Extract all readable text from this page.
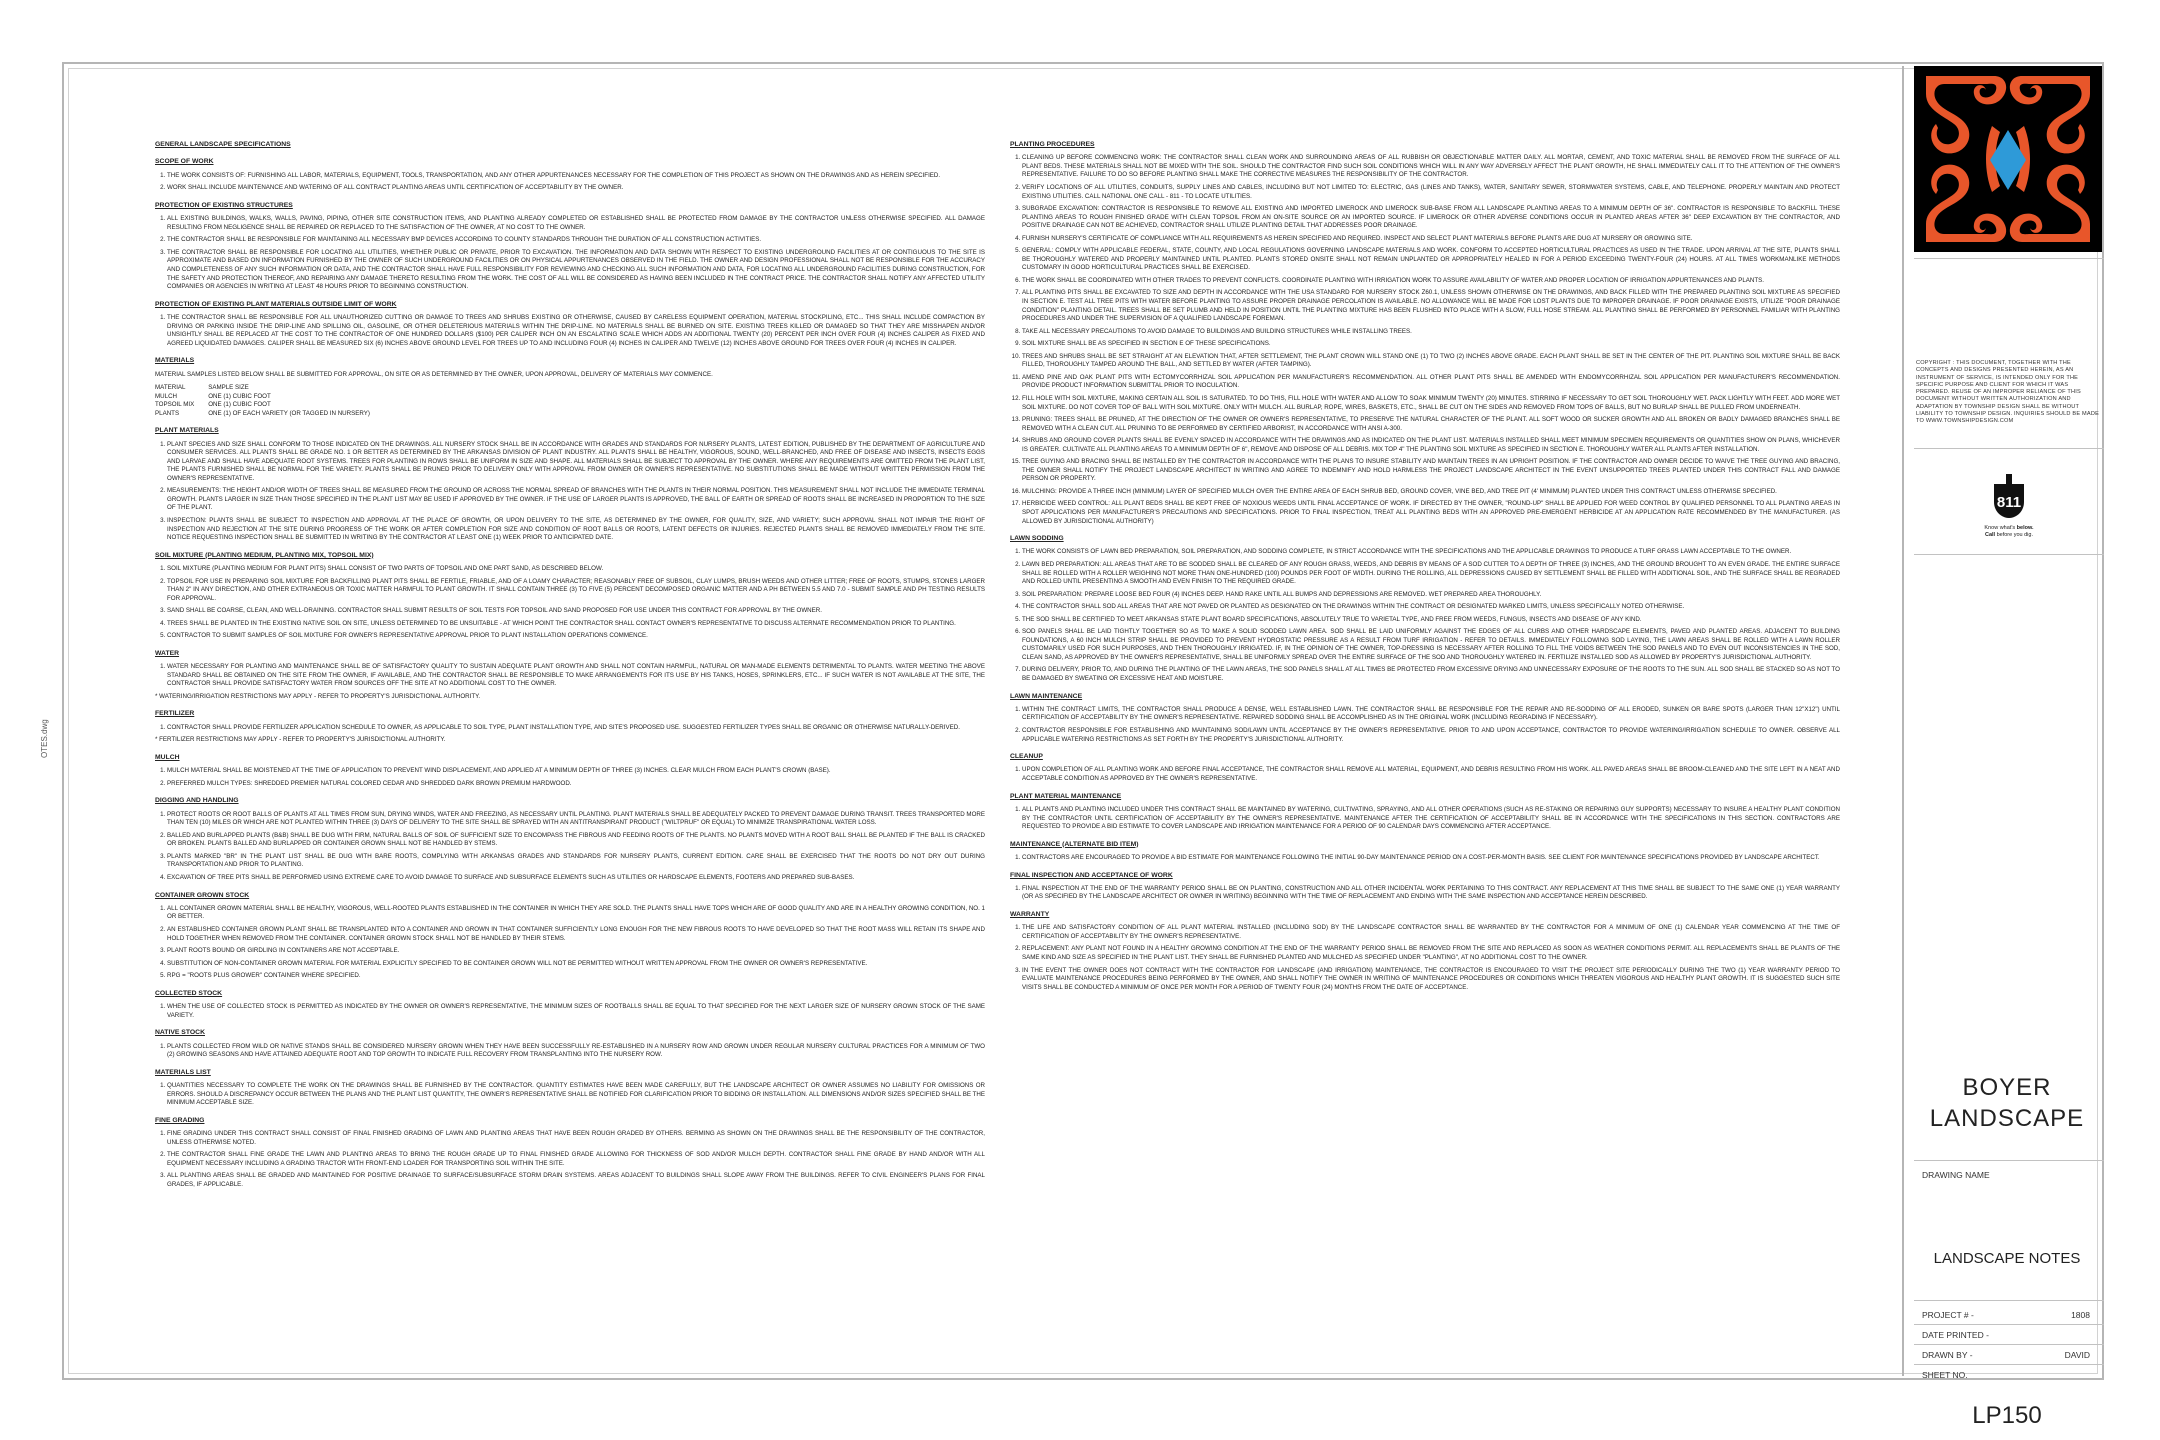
OTES.dwg
GENERAL LANDSCAPE SPECIFICATIONS
SCOPE OF WORK
1. THE WORK CONSISTS OF: FURNISHING ALL LABOR, MATERIALS, EQUIPMENT, TOOLS, TRANSPORTATION, AND ANY OTHER APPURTENANCES NECESSARY FOR THE COMPLETION OF THIS PROJECT AS SHOWN ON THE DRAWINGS AND AS HEREIN SPECIFIED.
2. WORK SHALL INCLUDE MAINTENANCE AND WATERING OF ALL CONTRACT PLANTING AREAS UNTIL CERTIFICATION OF ACCEPTABILITY BY THE OWNER.
PROTECTION OF EXISTING STRUCTURES
1. ALL EXISTING BUILDINGS, WALKS, WALLS, PAVING, PIPING, OTHER SITE CONSTRUCTION ITEMS, AND PLANTING ALREADY COMPLETED OR ESTABLISHED SHALL BE PROTECTED FROM DAMAGE BY THE CONTRACTOR UNLESS OTHERWISE SPECIFIED. ALL DAMAGE RESULTING FROM NEGLIGENCE SHALL BE REPAIRED OR REPLACED TO THE SATISFACTION OF THE OWNER, AT NO COST TO THE OWNER.
2. THE CONTRACTOR SHALL BE RESPONSIBLE FOR MAINTAINING ALL NECESSARY BMP DEVICES ACCORDING TO COUNTY STANDARDS THROUGH THE DURATION OF ALL CONSTRUCTION ACTIVITIES.
3. THE CONTRACTOR SHALL BE RESPONSIBLE FOR LOCATING ALL UTILITIES, WHETHER PUBLIC OR PRIVATE, PRIOR TO EXCAVATION. THE INFORMATION AND DATA SHOWN WITH RESPECT TO EXISTING UNDERGROUND FACILITIES AT OR CONTIGUOUS TO THE SITE IS APPROXIMATE AND BASED ON INFORMATION FURNISHED BY THE OWNER OF SUCH UNDERGROUND FACILITIES OR ON PHYSICAL APPURTENANCES OBSERVED IN THE FIELD. THE OWNER AND DESIGN PROFESSIONAL SHALL NOT BE RESPONSIBLE FOR THE ACCURACY AND COMPLETENESS OF ANY SUCH INFORMATION OR DATA, AND THE CONTRACTOR SHALL HAVE FULL RESPONSIBILITY FOR REVIEWING AND CHECKING ALL SUCH INFORMATION AND DATA, FOR LOCATING ALL UNDERGROUND FACILITIES DURING CONSTRUCTION, FOR THE SAFETY AND PROTECTION THEREOF, AND REPAIRING ANY DAMAGE THERETO RESULTING FROM THE WORK. THE COST OF ALL WILL BE CONSIDERED AS HAVING BEEN INCLUDED IN THE CONTRACT PRICE. THE CONTRACTOR SHALL NOTIFY ANY AFFECTED UTILITY COMPANIES OR AGENCIES IN WRITING AT LEAST 48 HOURS PRIOR TO BEGINNING CONSTRUCTION.
PROTECTION OF EXISTING PLANT MATERIALS OUTSIDE LIMIT OF WORK
1. THE CONTRACTOR SHALL BE RESPONSIBLE FOR ALL UNAUTHORIZED CUTTING OR DAMAGE TO TREES AND SHRUBS EXISTING OR OTHERWISE, CAUSED BY CARELESS EQUIPMENT OPERATION, MATERIAL STOCKPILING, ETC... THIS SHALL INCLUDE COMPACTION BY DRIVING OR PARKING INSIDE THE DRIP-LINE AND SPILLING OIL, GASOLINE, OR OTHER DELETERIOUS MATERIALS WITHIN THE DRIP-LINE. NO MATERIALS SHALL BE BURNED ON SITE. EXISTING TREES KILLED OR DAMAGED SO THAT THEY ARE MISSHAPEN AND/OR UNSIGHTLY SHALL BE REPLACED AT THE COST TO THE CONTRACTOR OF ONE HUNDRED DOLLARS ($100) PER CALIPER INCH ON AN ESCALATING SCALE WHICH ADDS AN ADDITIONAL TWENTY (20) PERCENT PER INCH OVER FOUR (4) INCHES CALIPER AS FIXED AND AGREED LIQUIDATED DAMAGES. CALIPER SHALL BE MEASURED SIX (6) INCHES ABOVE GROUND LEVEL FOR TREES UP TO AND INCLUDING FOUR (4) INCHES IN CALIPER AND TWELVE (12) INCHES ABOVE GROUND FOR TREES OVER FOUR (4) INCHES IN CALIPER.
MATERIALS

MATERIAL SAMPLES LISTED BELOW SHALL BE SUBMITTED FOR APPROVAL, ON SITE OR AS DETERMINED BY THE OWNER, UPON APPROVAL, DELIVERY OF MATERIALS MAY COMMENCE.

MATERIAL	SAMPLE SIZE
MULCH	ONE (1) CUBIC FOOT
TOPSOIL MIX	ONE (1) CUBIC FOOT
PLANTS	ONE (1) OF EACH VARIETY (OR TAGGED IN NURSERY)
PLANT MATERIALS
1. PLANT SPECIES AND SIZE SHALL CONFORM TO THOSE INDICATED ON THE DRAWINGS. ALL NURSERY STOCK SHALL BE IN ACCORDANCE WITH GRADES AND STANDARDS FOR NURSERY PLANTS, LATEST EDITION, PUBLISHED BY THE DEPARTMENT OF AGRICULTURE AND CONSUMER SERVICES. ALL PLANTS SHALL BE GRADE NO. 1 OR BETTER AS DETERMINED BY THE ARKANSAS DIVISION OF PLANT INDUSTRY. ALL PLANTS SHALL BE HEALTHY, VIGOROUS, SOUND, WELL-BRANCHED, AND FREE OF DISEASE AND INSECTS, INSECTS EGGS AND LARVAE AND SHALL HAVE ADEQUATE ROOT SYSTEMS. TREES FOR PLANTING IN ROWS SHALL BE UNIFORM IN SIZE AND SHAPE. ALL MATERIALS SHALL BE SUBJECT TO APPROVAL BY THE OWNER. WHERE ANY REQUIREMENTS ARE OMITTED FROM THE PLANT LIST, THE PLANTS FURNISHED SHALL BE NORMAL FOR THE VARIETY. PLANTS SHALL BE PRUNED PRIOR TO DELIVERY ONLY WITH APPROVAL FROM OWNER OR OWNER'S REPRESENTATIVE. NO SUBSTITUTIONS SHALL BE MADE WITHOUT WRITTEN PERMISSION FROM THE OWNER'S REPRESENTATIVE.
2. MEASUREMENTS: THE HEIGHT AND/OR WIDTH OF TREES SHALL BE MEASURED FROM THE GROUND OR ACROSS THE NORMAL SPREAD OF BRANCHES WITH THE PLANTS IN THEIR NORMAL POSITION. THIS MEASUREMENT SHALL NOT INCLUDE THE IMMEDIATE TERMINAL GROWTH. PLANTS LARGER IN SIZE THAN THOSE SPECIFIED IN THE PLANT LIST MAY BE USED IF APPROVED BY THE OWNER. IF THE USE OF LARGER PLANTS IS APPROVED, THE BALL OF EARTH OR SPREAD OF ROOTS SHALL BE INCREASED IN PROPORTION TO THE SIZE OF THE PLANT.
3. INSPECTION: PLANTS SHALL BE SUBJECT TO INSPECTION AND APPROVAL AT THE PLACE OF GROWTH, OR UPON DELIVERY TO THE SITE, AS DETERMINED BY THE OWNER, FOR QUALITY, SIZE, AND VARIETY; SUCH APPROVAL SHALL NOT IMPAIR THE RIGHT OF INSPECTION AND REJECTION AT THE SITE DURING PROGRESS OF THE WORK OR AFTER COMPLETION FOR SIZE AND CONDITION OF ROOT BALLS OR ROOTS, LATENT DEFECTS OR INJURIES. REJECTED PLANTS SHALL BE REMOVED IMMEDIATELY FROM THE SITE. NOTICE REQUESTING INSPECTION SHALL BE SUBMITTED IN WRITING BY THE CONTRACTOR AT LEAST ONE (1) WEEK PRIOR TO ANTICIPATED DATE.
SOIL MIXTURE (PLANTING MEDIUM, PLANTING MIX, TOPSOIL MIX)
1. SOIL MIXTURE (PLANTING MEDIUM FOR PLANT PITS) SHALL CONSIST OF TWO PARTS OF TOPSOIL AND ONE PART SAND, AS DESCRIBED BELOW.
2. TOPSOIL FOR USE IN PREPARING SOIL MIXTURE FOR BACKFILLING PLANT PITS SHALL BE FERTILE, FRIABLE, AND OF A LOAMY CHARACTER; REASONABLY FREE OF SUBSOIL, CLAY LUMPS, BRUSH WEEDS AND OTHER LITTER; FREE OF ROOTS, STUMPS, STONES LARGER THAN 2" IN ANY DIRECTION, AND OTHER EXTRANEOUS OR TOXIC MATTER HARMFUL TO PLANT GROWTH. IT SHALL CONTAIN THREE (3) TO FIVE (5) PERCENT DECOMPOSED ORGANIC MATTER AND A PH BETWEEN 5.5 AND 7.0 - SUBMIT SAMPLE AND PH TESTING RESULTS FOR APPROVAL.
3. SAND SHALL BE COARSE, CLEAN, AND WELL-DRAINING. CONTRACTOR SHALL SUBMIT RESULTS OF SOIL TESTS FOR TOPSOIL AND SAND PROPOSED FOR USE UNDER THIS CONTRACT FOR APPROVAL BY THE OWNER.
4. TREES SHALL BE PLANTED IN THE EXISTING NATIVE SOIL ON SITE, UNLESS DETERMINED TO BE UNSUITABLE - AT WHICH POINT THE CONTRACTOR SHALL CONTACT OWNER'S REPRESENTATIVE TO DISCUSS ALTERNATE RECOMMENDATION PRIOR TO PLANTING.
5. CONTRACTOR TO SUBMIT SAMPLES OF SOIL MIXTURE FOR OWNER'S REPRESENTATIVE APPROVAL PRIOR TO PLANT INSTALLATION OPERATIONS COMMENCE.
WATER
1. WATER NECESSARY FOR PLANTING AND MAINTENANCE SHALL BE OF SATISFACTORY QUALITY TO SUSTAIN ADEQUATE PLANT GROWTH AND SHALL NOT CONTAIN HARMFUL, NATURAL OR MAN-MADE ELEMENTS DETRIMENTAL TO PLANTS. WATER MEETING THE ABOVE STANDARD SHALL BE OBTAINED ON THE SITE FROM THE OWNER, IF AVAILABLE, AND THE CONTRACTOR SHALL BE RESPONSIBLE TO MAKE ARRANGEMENTS FOR ITS USE BY HIS TANKS, HOSES, SPRINKLERS, ETC... IF SUCH WATER IS NOT AVAILABLE AT THE SITE, THE CONTRACTOR SHALL PROVIDE SATISFACTORY WATER FROM SOURCES OFF THE SITE AT NO ADDITIONAL COST TO THE OWNER.

* WATERING/IRRIGATION RESTRICTIONS MAY APPLY - REFER TO PROPERTY'S JURISDICTIONAL AUTHORITY.

FERTILIZER
1. CONTRACTOR SHALL PROVIDE FERTILIZER APPLICATION SCHEDULE TO OWNER, AS APPLICABLE TO SOIL TYPE, PLANT INSTALLATION TYPE, AND SITE'S PROPOSED USE. SUGGESTED FERTILIZER TYPES SHALL BE ORGANIC OR OTHERWISE NATURALLY-DERIVED.

* FERTILIZER RESTRICTIONS MAY APPLY - REFER TO PROPERTY'S JURISDICTIONAL AUTHORITY.

MULCH
1. MULCH MATERIAL SHALL BE MOISTENED AT THE TIME OF APPLICATION TO PREVENT WIND DISPLACEMENT, AND APPLIED AT A MINIMUM DEPTH OF THREE (3) INCHES. CLEAR MULCH FROM EACH PLANT'S CROWN (BASE).
2. PREFERRED MULCH TYPES: SHREDDED PREMIER NATURAL COLORED CEDAR AND SHREDDED DARK BROWN PREMIUM HARDWOOD.
DIGGING AND HANDLING
1. PROTECT ROOTS OR ROOT BALLS OF PLANTS AT ALL TIMES FROM SUN, DRYING WINDS, WATER AND FREEZING, AS NECESSARY UNTIL PLANTING. PLANT MATERIALS SHALL BE ADEQUATELY PACKED TO PREVENT DAMAGE DURING TRANSIT. TREES TRANSPORTED MORE THAN TEN (10) MILES OR WHICH ARE NOT PLANTED WITHIN THREE (3) DAYS OF DELIVERY TO THE SITE SHALL BE SPRAYED WITH AN ANTITRANSPIRANT PRODUCT ("WILTPRUF" OR EQUAL) TO MINIMIZE TRANSPIRATIONAL WATER LOSS.
2. BALLED AND BURLAPPED PLANTS (B&B) SHALL BE DUG WITH FIRM, NATURAL BALLS OF SOIL OF SUFFICIENT SIZE TO ENCOMPASS THE FIBROUS AND FEEDING ROOTS OF THE PLANTS. NO PLANTS MOVED WITH A ROOT BALL SHALL BE PLANTED IF THE BALL IS CRACKED OR BROKEN. PLANTS BALLED AND BURLAPPED OR CONTAINER GROWN SHALL NOT BE HANDLED BY STEMS.
3. PLANTS MARKED "BR" IN THE PLANT LIST SHALL BE DUG WITH BARE ROOTS, COMPLYING WITH ARKANSAS GRADES AND STANDARDS FOR NURSERY PLANTS, CURRENT EDITION. CARE SHALL BE EXERCISED THAT THE ROOTS DO NOT DRY OUT DURING TRANSPORTATION AND PRIOR TO PLANTING.
4. EXCAVATION OF TREE PITS SHALL BE PERFORMED USING EXTREME CARE TO AVOID DAMAGE TO SURFACE AND SUBSURFACE ELEMENTS SUCH AS UTILITIES OR HARDSCAPE ELEMENTS, FOOTERS AND PREPARED SUB-BASES.
CONTAINER GROWN STOCK
1. ALL CONTAINER GROWN MATERIAL SHALL BE HEALTHY, VIGOROUS, WELL-ROOTED PLANTS ESTABLISHED IN THE CONTAINER IN WHICH THEY ARE SOLD. THE PLANTS SHALL HAVE TOPS WHICH ARE OF GOOD QUALITY AND ARE IN A HEALTHY GROWING CONDITION, NO. 1 OR BETTER.
2. AN ESTABLISHED CONTAINER GROWN PLANT SHALL BE TRANSPLANTED INTO A CONTAINER AND GROWN IN THAT CONTAINER SUFFICIENTLY LONG ENOUGH FOR THE NEW FIBROUS ROOTS TO HAVE DEVELOPED SO THAT THE ROOT MASS WILL RETAIN ITS SHAPE AND HOLD TOGETHER WHEN REMOVED FROM THE CONTAINER. CONTAINER GROWN STOCK SHALL NOT BE HANDLED BY THEIR STEMS.
3. PLANT ROOTS BOUND OR GIRDLING IN CONTAINERS ARE NOT ACCEPTABLE.
4. SUBSTITUTION OF NON-CONTAINER GROWN MATERIAL FOR MATERIAL EXPLICITLY SPECIFIED TO BE CONTAINER GROWN WILL NOT BE PERMITTED WITHOUT WRITTEN APPROVAL FROM THE OWNER OR OWNER'S REPRESENTATIVE.
5. RPG = "ROOTS PLUS GROWER" CONTAINER WHERE SPECIFIED.
COLLECTED STOCK
1. WHEN THE USE OF COLLECTED STOCK IS PERMITTED AS INDICATED BY THE OWNER OR OWNER'S REPRESENTATIVE, THE MINIMUM SIZES OF ROOTBALLS SHALL BE EQUAL TO THAT SPECIFIED FOR THE NEXT LARGER SIZE OF NURSERY GROWN STOCK OF THE SAME VARIETY.
NATIVE STOCK
1. PLANTS COLLECTED FROM WILD OR NATIVE STANDS SHALL BE CONSIDERED NURSERY GROWN WHEN THEY HAVE BEEN SUCCESSFULLY RE-ESTABLISHED IN A NURSERY ROW AND GROWN UNDER REGULAR NURSERY CULTURAL PRACTICES FOR A MINIMUM OF TWO (2) GROWING SEASONS AND HAVE ATTAINED ADEQUATE ROOT AND TOP GROWTH TO INDICATE FULL RECOVERY FROM TRANSPLANTING INTO THE NURSERY ROW.
MATERIALS LIST
1. QUANTITIES NECESSARY TO COMPLETE THE WORK ON THE DRAWINGS SHALL BE FURNISHED BY THE CONTRACTOR. QUANTITY ESTIMATES HAVE BEEN MADE CAREFULLY, BUT THE LANDSCAPE ARCHITECT OR OWNER ASSUMES NO LIABILITY FOR OMISSIONS OR ERRORS. SHOULD A DISCREPANCY OCCUR BETWEEN THE PLANS AND THE PLANT LIST QUANTITY, THE OWNER'S REPRESENTATIVE SHALL BE NOTIFIED FOR CLARIFICATION PRIOR TO BIDDING OR INSTALLATION. ALL DIMENSIONS AND/OR SIZES SPECIFIED SHALL BE THE MINIMUM ACCEPTABLE SIZE.
FINE GRADING
1. FINE GRADING UNDER THIS CONTRACT SHALL CONSIST OF FINAL FINISHED GRADING OF LAWN AND PLANTING AREAS THAT HAVE BEEN ROUGH GRADED BY OTHERS. BERMING AS SHOWN ON THE DRAWINGS SHALL BE THE RESPONSIBILITY OF THE CONTRACTOR, UNLESS OTHERWISE NOTED.
2. THE CONTRACTOR SHALL FINE GRADE THE LAWN AND PLANTING AREAS TO BRING THE ROUGH GRADE UP TO FINAL FINISHED GRADE ALLOWING FOR THICKNESS OF SOD AND/OR MULCH DEPTH. CONTRACTOR SHALL FINE GRADE BY HAND AND/OR WITH ALL EQUIPMENT NECESSARY INCLUDING A GRADING TRACTOR WITH FRONT-END LOADER FOR TRANSPORTING SOIL WITHIN THE SITE.
3. ALL PLANTING AREAS SHALL BE GRADED AND MAINTAINED FOR POSITIVE DRAINAGE TO SURFACE/SUBSURFACE STORM DRAIN SYSTEMS. AREAS ADJACENT TO BUILDINGS SHALL SLOPE AWAY FROM THE BUILDINGS. REFER TO CIVIL ENGINEER'S PLANS FOR FINAL GRADES, IF APPLICABLE.
PLANTING PROCEDURES
1. CLEANING UP BEFORE COMMENCING WORK: THE CONTRACTOR SHALL CLEAN WORK AND SURROUNDING AREAS OF ALL RUBBISH OR OBJECTIONABLE MATTER DAILY. ALL MORTAR, CEMENT, AND TOXIC MATERIAL SHALL BE REMOVED FROM THE SURFACE OF ALL PLANT BEDS. THESE MATERIALS SHALL NOT BE MIXED WITH THE SOIL. SHOULD THE CONTRACTOR FIND SUCH SOIL CONDITIONS WHICH WILL IN ANY WAY ADVERSELY AFFECT THE PLANT GROWTH, HE SHALL IMMEDIATELY CALL IT TO THE ATTENTION OF THE OWNER'S REPRESENTATIVE. FAILURE TO DO SO BEFORE PLANTING SHALL MAKE THE CORRECTIVE MEASURES THE RESPONSIBILITY OF THE CONTRACTOR.
2. VERIFY LOCATIONS OF ALL UTILITIES, CONDUITS, SUPPLY LINES AND CABLES, INCLUDING BUT NOT LIMITED TO: ELECTRIC, GAS (LINES AND TANKS), WATER, SANITARY SEWER, STORMWATER SYSTEMS, CABLE, AND TELEPHONE. PROPERLY MAINTAIN AND PROTECT EXISTING UTILITIES. CALL NATIONAL ONE CALL - 811 - TO LOCATE UTILITIES.
3. SUBGRADE EXCAVATION: CONTRACTOR IS RESPONSIBLE TO REMOVE ALL EXISTING AND IMPORTED LIMEROCK AND LIMEROCK SUB-BASE FROM ALL LANDSCAPE PLANTING AREAS TO A MINIMUM DEPTH OF 36". CONTRACTOR IS RESPONSIBLE TO BACKFILL THESE PLANTING AREAS TO ROUGH FINISHED GRADE WITH CLEAN TOPSOIL FROM AN ON-SITE SOURCE OR AN IMPORTED SOURCE. IF LIMEROCK OR OTHER ADVERSE CONDITIONS OCCUR IN PLANTED AREAS AFTER 36" DEEP EXCAVATION BY THE CONTRACTOR, AND POSITIVE DRAINAGE CAN NOT BE ACHIEVED, CONTRACTOR SHALL UTILIZE PLANTING DETAIL THAT ADDRESSES POOR DRAINAGE.
4. FURNISH NURSERY'S CERTIFICATE OF COMPLIANCE WITH ALL REQUIREMENTS AS HEREIN SPECIFIED AND REQUIRED. INSPECT AND SELECT PLANT MATERIALS BEFORE PLANTS ARE DUG AT NURSERY OR GROWING SITE.
5. GENERAL: COMPLY WITH APPLICABLE FEDERAL, STATE, COUNTY, AND LOCAL REGULATIONS GOVERNING LANDSCAPE MATERIALS AND WORK. CONFORM TO ACCEPTED HORTICULTURAL PRACTICES AS USED IN THE TRADE. UPON ARRIVAL AT THE SITE, PLANTS SHALL BE THOROUGHLY WATERED AND PROPERLY MAINTAINED UNTIL PLANTED. PLANTS STORED ONSITE SHALL NOT REMAIN UNPLANTED OR APPROPRIATELY HEALED IN FOR A PERIOD EXCEEDING TWENTY-FOUR (24) HOURS. AT ALL TIMES WORKMANLIKE METHODS CUSTOMARY IN GOOD HORTICULTURAL PRACTICES SHALL BE EXERCISED.
6. THE WORK SHALL BE COORDINATED WITH OTHER TRADES TO PREVENT CONFLICTS. COORDINATE PLANTING WITH IRRIGATION WORK TO ASSURE AVAILABILITY OF WATER AND PROPER LOCATION OF IRRIGATION APPURTENANCES AND PLANTS.
7. ALL PLANTING PITS SHALL BE EXCAVATED TO SIZE AND DEPTH IN ACCORDANCE WITH THE USA STANDARD FOR NURSERY STOCK Z60.1, UNLESS SHOWN OTHERWISE ON THE DRAWINGS, AND BACK FILLED WITH THE PREPARED PLANTING SOIL MIXTURE AS SPECIFIED IN SECTION E. TEST ALL TREE PITS WITH WATER BEFORE PLANTING TO ASSURE PROPER DRAINAGE PERCOLATION IS AVAILABLE. NO ALLOWANCE WILL BE MADE FOR LOST PLANTS DUE TO IMPROPER DRAINAGE. IF POOR DRAINAGE EXISTS, UTILIZE "POOR DRAINAGE CONDITION" PLANTING DETAIL. TREES SHALL BE SET PLUMB AND HELD IN POSITION UNTIL THE PLANTING MIXTURE HAS BEEN FLUSHED INTO PLACE WITH A SLOW, FULL HOSE STREAM. ALL PLANTING SHALL BE PERFORMED BY PERSONNEL FAMILIAR WITH PLANTING PROCEDURES AND UNDER THE SUPERVISION OF A QUALIFIED LANDSCAPE FOREMAN.
8. TAKE ALL NECESSARY PRECAUTIONS TO AVOID DAMAGE TO BUILDINGS AND BUILDING STRUCTURES WHILE INSTALLING TREES.
9. SOIL MIXTURE SHALL BE AS SPECIFIED IN SECTION E OF THESE SPECIFICATIONS.
10. TREES AND SHRUBS SHALL BE SET STRAIGHT AT AN ELEVATION THAT, AFTER SETTLEMENT, THE PLANT CROWN WILL STAND ONE (1) TO TWO (2) INCHES ABOVE GRADE. EACH PLANT SHALL BE SET IN THE CENTER OF THE PIT. PLANTING SOIL MIXTURE SHALL BE BACK FILLED, THOROUGHLY TAMPED AROUND THE BALL, AND SETTLED BY WATER (AFTER TAMPING).
11. AMEND PINE AND OAK PLANT PITS WITH ECTOMYCORRHIZAL SOIL APPLICATION PER MANUFACTURER'S RECOMMENDATION. ALL OTHER PLANT PITS SHALL BE AMENDED WITH ENDOMYCORRHIZAL SOIL APPLICATION PER MANUFACTURER'S RECOMMENDATION. PROVIDE PRODUCT INFORMATION SUBMITTAL PRIOR TO INOCULATION.
12. FILL HOLE WITH SOIL MIXTURE, MAKING CERTAIN ALL SOIL IS SATURATED. TO DO THIS, FILL HOLE WITH WATER AND ALLOW TO SOAK MINIMUM TWENTY (20) MINUTES. STIRRING IF NECESSARY TO GET SOIL THOROUGHLY WET. PACK LIGHTLY WITH FEET. ADD MORE WET SOIL MIXTURE. DO NOT COVER TOP OF BALL WITH SOIL MIXTURE. ONLY WITH MULCH. ALL BURLAP, ROPE, WIRES, BASKETS, ETC., SHALL BE CUT ON THE SIDES AND REMOVED FROM TOPS OF BALLS, BUT NO BURLAP SHALL BE PULLED FROM UNDERNEATH.
13. PRUNING: TREES SHALL BE PRUNED, AT THE DIRECTION OF THE OWNER OR OWNER'S REPRESENTATIVE, TO PRESERVE THE NATURAL CHARACTER OF THE PLANT. ALL SOFT WOOD OR SUCKER GROWTH AND ALL BROKEN OR BADLY DAMAGED BRANCHES SHALL BE REMOVED WITH A CLEAN CUT. ALL PRUNING TO BE PERFORMED BY CERTIFIED ARBORIST, IN ACCORDANCE WITH ANSI A-300.
14. SHRUBS AND GROUND COVER PLANTS SHALL BE EVENLY SPACED IN ACCORDANCE WITH THE DRAWINGS AND AS INDICATED ON THE PLANT LIST. MATERIALS INSTALLED SHALL MEET MINIMUM SPECIMEN REQUIREMENTS OR QUANTITIES SHOW ON PLANS, WHICHEVER IS GREATER. CULTIVATE ALL PLANTING AREAS TO A MINIMUM DEPTH OF 6", REMOVE AND DISPOSE OF ALL DEBRIS. MIX TOP 4" THE PLANTING SOIL MIXTURE AS SPECIFIED IN SECTION E. THOROUGHLY WATER ALL PLANTS AFTER INSTALLATION.
15. TREE GUYING AND BRACING SHALL BE INSTALLED BY THE CONTRACTOR IN ACCORDANCE WITH THE PLANS TO INSURE STABILITY AND MAINTAIN TREES IN AN UPRIGHT POSITION. IF THE CONTRACTOR AND OWNER DECIDE TO WAIVE THE TREE GUYING AND BRACING, THE OWNER SHALL NOTIFY THE PROJECT LANDSCAPE ARCHITECT IN WRITING AND AGREE TO INDEMNIFY AND HOLD HARMLESS THE PROJECT LANDSCAPE ARCHITECT IN THE EVENT UNSUPPORTED TREES PLANTED UNDER THIS CONTRACT FALL AND DAMAGE PERSON OR PROPERTY.
16. MULCHING: PROVIDE A THREE INCH (MINIMUM) LAYER OF SPECIFIED MULCH OVER THE ENTIRE AREA OF EACH SHRUB BED, GROUND COVER, VINE BED, AND TREE PIT (4' MINIMUM) PLANTED UNDER THIS CONTRACT UNLESS OTHERWISE SPECIFIED.
17. HERBICIDE WEED CONTROL: ALL PLANT BEDS SHALL BE KEPT FREE OF NOXIOUS WEEDS UNTIL FINAL ACCEPTANCE OF WORK. IF DIRECTED BY THE OWNER, "ROUND-UP" SHALL BE APPLIED FOR WEED CONTROL BY QUALIFIED PERSONNEL TO ALL PLANTING AREAS IN SPOT APPLICATIONS PER MANUFACTURER'S PRECAUTIONS AND SPECIFICATIONS. PRIOR TO FINAL INSPECTION, TREAT ALL PLANTING BEDS WITH AN APPROVED PRE-EMERGENT HERBICIDE AT AN APPLICATION RATE RECOMMENDED BY THE MANUFACTURER. (AS ALLOWED BY JURISDICTIONAL AUTHORITY)
LAWN SODDING
1. THE WORK CONSISTS OF LAWN BED PREPARATION, SOIL PREPARATION, AND SODDING COMPLETE, IN STRICT ACCORDANCE WITH THE SPECIFICATIONS AND THE APPLICABLE DRAWINGS TO PRODUCE A TURF GRASS LAWN ACCEPTABLE TO THE OWNER.
2. LAWN BED PREPARATION: ALL AREAS THAT ARE TO BE SODDED SHALL BE CLEARED OF ANY ROUGH GRASS, WEEDS, AND DEBRIS BY MEANS OF A SOD CUTTER TO A DEPTH OF THREE (3) INCHES, AND THE GROUND BROUGHT TO AN EVEN GRADE. THE ENTIRE SURFACE SHALL BE ROLLED WITH A ROLLER WEIGHING NOT MORE THAN ONE-HUNDRED (100) POUNDS PER FOOT OF WIDTH. DURING THE ROLLING, ALL DEPRESSIONS CAUSED BY SETTLEMENT SHALL BE FILLED WITH ADDITIONAL SOIL, AND THE SURFACE SHALL BE REGRADED AND ROLLED UNTIL PRESENTING A SMOOTH AND EVEN FINISH TO THE REQUIRED GRADE.
3. SOIL PREPARATION: PREPARE LOOSE BED FOUR (4) INCHES DEEP. HAND RAKE UNTIL ALL BUMPS AND DEPRESSIONS ARE REMOVED. WET PREPARED AREA THOROUGHLY.
4. THE CONTRACTOR SHALL SOD ALL AREAS THAT ARE NOT PAVED OR PLANTED AS DESIGNATED ON THE DRAWINGS WITHIN THE CONTRACT OR DESIGNATED MARKED LIMITS, UNLESS SPECIFICALLY NOTED OTHERWISE.
5. THE SOD SHALL BE CERTIFIED TO MEET ARKANSAS STATE PLANT BOARD SPECIFICATIONS, ABSOLUTELY TRUE TO VARIETAL TYPE, AND FREE FROM WEEDS, FUNGUS, INSECTS AND DISEASE OF ANY KIND.
6. SOD PANELS SHALL BE LAID TIGHTLY TOGETHER SO AS TO MAKE A SOLID SODDED LAWN AREA. SOD SHALL BE LAID UNIFORMLY AGAINST THE EDGES OF ALL CURBS AND OTHER HARDSCAPE ELEMENTS, PAVED AND PLANTED AREAS. ADJACENT TO BUILDING FOUNDATIONS, A 60 INCH MULCH STRIP SHALL BE PROVIDED TO PREVENT HYDROSTATIC PRESSURE AS A RESULT FROM TURF IRRIGATION - REFER TO DETAILS. IMMEDIATELY FOLLOWING SOD LAYING, THE LAWN AREAS SHALL BE ROLLED WITH A LAWN ROLLER CUSTOMARILY USED FOR SUCH PURPOSES, AND THEN THOROUGHLY IRRIGATED. IF, IN THE OPINION OF THE OWNER, TOP-DRESSING IS NECESSARY AFTER ROLLING TO FILL THE VOIDS BETWEEN THE SOD PANELS AND TO EVEN OUT INCONSISTENCIES IN THE SOD, CLEAN SAND, AS APPROVED BY THE OWNER'S REPRESENTATIVE, SHALL BE UNIFORMLY SPREAD OVER THE ENTIRE SURFACE OF THE SOD AND THOROUGHLY WATERED IN. FERTILIZE INSTALLED SOD AS ALLOWED BY PROPERTY'S JURISDICTIONAL AUTHORITY.
7. DURING DELIVERY, PRIOR TO, AND DURING THE PLANTING OF THE LAWN AREAS, THE SOD PANELS SHALL AT ALL TIMES BE PROTECTED FROM EXCESSIVE DRYING AND UNNECESSARY EXPOSURE OF THE ROOTS TO THE SUN. ALL SOD SHALL BE STACKED SO AS NOT TO BE DAMAGED BY SWEATING OR EXCESSIVE HEAT AND MOISTURE.
LAWN MAINTENANCE
1. WITHIN THE CONTRACT LIMITS, THE CONTRACTOR SHALL PRODUCE A DENSE, WELL ESTABLISHED LAWN. THE CONTRACTOR SHALL BE RESPONSIBLE FOR THE REPAIR AND RE-SODDING OF ALL ERODED, SUNKEN OR BARE SPOTS (LARGER THAN 12"X12") UNTIL CERTIFICATION OF ACCEPTABILITY BY THE OWNER'S REPRESENTATIVE. REPAIRED SODDING SHALL BE ACCOMPLISHED AS IN THE ORIGINAL WORK (INCLUDING REGRADING IF NECESSARY).
2. CONTRACTOR RESPONSIBLE FOR ESTABLISHING AND MAINTAINING SOD/LAWN UNTIL ACCEPTANCE BY THE OWNER'S REPRESENTATIVE. PRIOR TO AND UPON ACCEPTANCE, CONTRACTOR TO PROVIDE WATERING/IRRIGATION SCHEDULE TO OWNER. OBSERVE ALL APPLICABLE WATERING RESTRICTIONS AS SET FORTH BY THE PROPERTY'S JURISDICTIONAL AUTHORITY.
CLEANUP
1. UPON COMPLETION OF ALL PLANTING WORK AND BEFORE FINAL ACCEPTANCE, THE CONTRACTOR SHALL REMOVE ALL MATERIAL, EQUIPMENT, AND DEBRIS RESULTING FROM HIS WORK. ALL PAVED AREAS SHALL BE BROOM-CLEANED AND THE SITE LEFT IN A NEAT AND ACCEPTABLE CONDITION AS APPROVED BY THE OWNER'S REPRESENTATIVE.
PLANT MATERIAL MAINTENANCE
1. ALL PLANTS AND PLANTING INCLUDED UNDER THIS CONTRACT SHALL BE MAINTAINED BY WATERING, CULTIVATING, SPRAYING, AND ALL OTHER OPERATIONS (SUCH AS RE-STAKING OR REPAIRING GUY SUPPORTS) NECESSARY TO INSURE A HEALTHY PLANT CONDITION BY THE CONTRACTOR UNTIL CERTIFICATION OF ACCEPTABILITY BY THE OWNER'S REPRESENTATIVE. MAINTENANCE AFTER THE CERTIFICATION OF ACCEPTABILITY SHALL BE IN ACCORDANCE WITH THE SPECIFICATIONS IN THIS SECTION. CONTRACTORS ARE REQUESTED TO PROVIDE A BID ESTIMATE TO COVER LANDSCAPE AND IRRIGATION MAINTENANCE FOR A PERIOD OF 90 CALENDAR DAYS COMMENCING AFTER ACCEPTANCE.
MAINTENANCE (ALTERNATE BID ITEM)
1. CONTRACTORS ARE ENCOURAGED TO PROVIDE A BID ESTIMATE FOR MAINTENANCE FOLLOWING THE INITIAL 90-DAY MAINTENANCE PERIOD ON A COST-PER-MONTH BASIS. SEE CLIENT FOR MAINTENANCE SPECIFICATIONS PROVIDED BY LANDSCAPE ARCHITECT.
FINAL INSPECTION AND ACCEPTANCE OF WORK
1. FINAL INSPECTION AT THE END OF THE WARRANTY PERIOD SHALL BE ON PLANTING, CONSTRUCTION AND ALL OTHER INCIDENTAL WORK PERTAINING TO THIS CONTRACT. ANY REPLACEMENT AT THIS TIME SHALL BE SUBJECT TO THE SAME ONE (1) YEAR WARRANTY (OR AS SPECIFIED BY THE LANDSCAPE ARCHITECT OR OWNER IN WRITING) BEGINNING WITH THE TIME OF REPLACEMENT AND ENDING WITH THE SAME INSPECTION AND ACCEPTANCE HEREIN DESCRIBED.
WARRANTY
1. THE LIFE AND SATISFACTORY CONDITION OF ALL PLANT MATERIAL INSTALLED (INCLUDING SOD) BY THE LANDSCAPE CONTRACTOR SHALL BE WARRANTED BY THE CONTRACTOR FOR A MINIMUM OF ONE (1) CALENDAR YEAR COMMENCING AT THE TIME OF CERTIFICATION OF ACCEPTABILITY BY THE OWNER'S REPRESENTATIVE.
2. REPLACEMENT: ANY PLANT NOT FOUND IN A HEALTHY GROWING CONDITION AT THE END OF THE WARRANTY PERIOD SHALL BE REMOVED FROM THE SITE AND REPLACED AS SOON AS WEATHER CONDITIONS PERMIT. ALL REPLACEMENTS SHALL BE PLANTS OF THE SAME KIND AND SIZE AS SPECIFIED IN THE PLANT LIST. THEY SHALL BE FURNISHED PLANTED AND MULCHED AS SPECIFIED UNDER "PLANTING", AT NO ADDITIONAL COST TO THE OWNER.
3. IN THE EVENT THE OWNER DOES NOT CONTRACT WITH THE CONTRACTOR FOR LANDSCAPE (AND IRRIGATION) MAINTENANCE, THE CONTRACTOR IS ENCOURAGED TO VISIT THE PROJECT SITE PERIODICALLY DURING THE TWO (1) YEAR WARRANTY PERIOD TO EVALUATE MAINTENANCE PROCEDURES BEING PERFORMED BY THE OWNER, AND SHALL NOTIFY THE OWNER IN WRITING OF MAINTENANCE PROCEDURES OR CONDITIONS WHICH THREATEN VIGOROUS AND HEALTHY PLANT GROWTH. IT IS SUGGESTED SUCH SITE VISITS SHALL BE CONDUCTED A MINIMUM OF ONCE PER MONTH FOR A PERIOD OF TWENTY FOUR (24) MONTHS FROM THE DATE OF ACCEPTANCE.
COPYRIGHT : THIS DOCUMENT, TOGETHER WITH THE CONCEPTS AND DESIGNS PRESENTED HEREIN, AS AN INSTRUMENT OF SERVICE, IS INTENDED ONLY FOR THE SPECIFIC PURPOSE AND CLIENT FOR WHICH IT WAS PREPARED. REUSE OF AN IMPROPER RELIANCE OF THIS DOCUMENT WITHOUT WRITTEN AUTHORIZATION AND ADAPTATION BY TOWNSHIP DESIGN SHALL BE WITHOUT LIABILITY TO TOWNSHIP DESIGN. INQUIRIES SHOULD BE MADE TO WWW.TOWNSHIPDESIGN.COM
811
Know what's below.
Call before you dig.
BOYER
LANDSCAPE
DRAWING NAME
LANDSCAPE NOTES
PROJECT # -	1808
DATE PRINTED -
DRAWN BY -	DAVID
SHEET NO.
LP150
